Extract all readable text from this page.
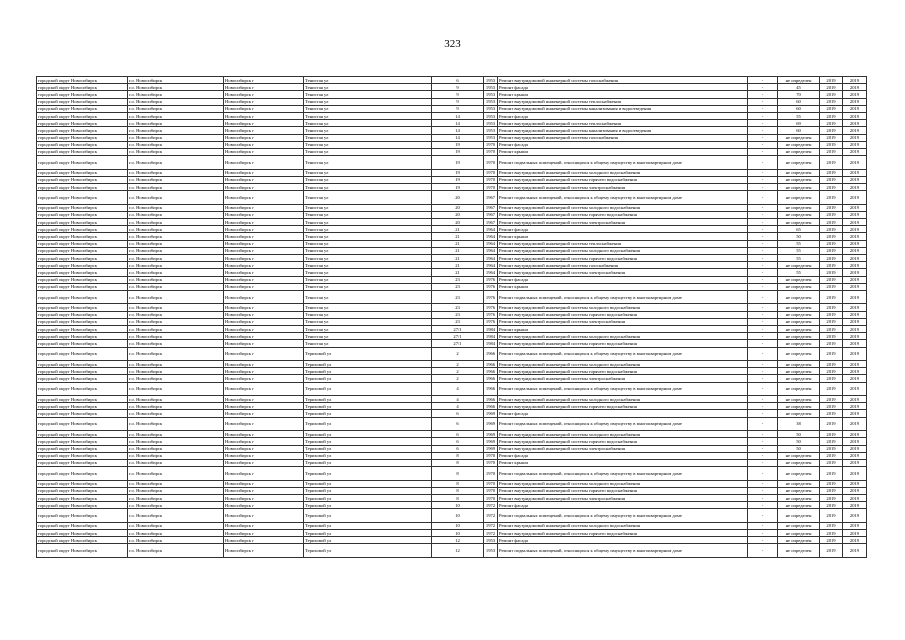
323
городской округ Новосибирск	г.о. Новосибирск	Новосибирск г	Тенистая ул	6	1953	Ремонт внутридомовой инженерной системы газоснабжения	-	не определен	2019	2019
городской округ Новосибирск	г.о. Новосибирск	Новосибирск г	Тенистая ул	9	1953	Ремонт фасада	-	45	2019	2019
городской округ Новосибирск	г.о. Новосибирск	Новосибирск г	Тенистая ул	9	1953	Ремонт крыши	-	70	2019	2019
городской округ Новосибирск	г.о. Новосибирск	Новосибирск г	Тенистая ул	9	1953	Ремонт внутридомовой инженерной системы теплоснабжения	-	60	2019	2019
городской округ Новосибирск	г.о. Новосибирск	Новосибирск г	Тенистая ул	9	1953	Ремонт внутридомовой инженерной системы канализования и водоотведения	-	60	2019	2019
городской округ Новосибирск	г.о. Новосибирск	Новосибирск г	Тенистая ул	14	1953	Ремонт фасада	-	55	2019	2019
городской округ Новосибирск	г.о. Новосибирск	Новосибирск г	Тенистая ул	14	1953	Ремонт внутридомовой инженерной системы теплоснабжения	-	69	2019	2019
городской округ Новосибирск	г.о. Новосибирск	Новосибирск г	Тенистая ул	14	1953	Ремонт внутридомовой инженерной системы канализования и водоотведения	-	60	2019	2019
городской округ Новосибирск	г.о. Новосибирск	Новосибирск г	Тенистая ул	14	1953	Ремонт внутридомовой инженерной системы газоснабжения	-	не определен	2019	2019
городской округ Новосибирск	г.о. Новосибирск	Новосибирск г	Тенистая ул	19	1970	Ремонт фасада	-	не определен	2019	2019
городской округ Новосибирск	г.о. Новосибирск	Новосибирск г	Тенистая ул	19	1970	Ремонт крыши	-	не определен	2019	2019
городской округ Новосибирск	г.о. Новосибирск	Новосибирск г	Тенистая ул	19	1970	Ремонт подвальных помещений, относящихся к общему имуществу в многоквартирном доме	-	не определен	2019	2019
городской округ Новосибирск	г.о. Новосибирск	Новосибирск г	Тенистая ул	19	1970	Ремонт внутридомовой инженерной системы холодного водоснабжения	-	не определен	2019	2019
городской округ Новосибирск	г.о. Новосибирск	Новосибирск г	Тенистая ул	19	1970	Ремонт внутридомовой инженерной системы горячего водоснабжения	-	не определен	2019	2019
городской округ Новосибирск	г.о. Новосибирск	Новосибирск г	Тенистая ул	19	1970	Ремонт внутридомовой инженерной системы электроснабжения	-	не определен	2019	2019
городской округ Новосибирск	г.о. Новосибирск	Новосибирск г	Тенистая ул	20	1967	Ремонт подвальных помещений, относящихся к общему имуществу в многоквартирном доме	-	не определен	2019	2019
городской округ Новосибирск	г.о. Новосибирск	Новосибирск г	Тенистая ул	20	1967	Ремонт внутридомовой инженерной системы холодного водоснабжения	-	не определен	2019	2019
городской округ Новосибирск	г.о. Новосибирск	Новосибирск г	Тенистая ул	20	1967	Ремонт внутридомовой инженерной системы горячего водоснабжения	-	не определен	2019	2019
городской округ Новосибирск	г.о. Новосибирск	Новосибирск г	Тенистая ул	20	1967	Ремонт внутридомовой инженерной системы электроснабжения	-	не определен	2019	2019
городской округ Новосибирск	г.о. Новосибирск	Новосибирск г	Тенистая ул	21	1964	Ремонт фасада	-	65	2019	2019
городской округ Новосибирск	г.о. Новосибирск	Новосибирск г	Тенистая ул	21	1964	Ремонт крыши	-	50	2019	2019
городской округ Новосибирск	г.о. Новосибирск	Новосибирск г	Тенистая ул	21	1964	Ремонт внутридомовой инженерной системы теплоснабжения	-	55	2019	2019
городской округ Новосибирск	г.о. Новосибирск	Новосибирск г	Тенистая ул	21	1964	Ремонт внутридомовой инженерной системы холодного водоснабжения	-	55	2019	2019
городской округ Новосибирск	г.о. Новосибирск	Новосибирск г	Тенистая ул	21	1964	Ремонт внутридомовой инженерной системы горячего водоснабжения	-	55	2019	2019
городской округ Новосибирск	г.о. Новосибирск	Новосибирск г	Тенистая ул	21	1964	Ремонт внутридомовой инженерной системы газоснабжения	-	не определен	2019	2019
городской округ Новосибирск	г.о. Новосибирск	Новосибирск г	Тенистая ул	21	1964	Ремонт внутридомовой инженерной системы электроснабжения	-	55	2019	2019
городской округ Новосибирск	г.о. Новосибирск	Новосибирск г	Тенистая ул	23	1976	Ремонт фасада	-	не определен	2019	2019
городской округ Новосибирск	г.о. Новосибирск	Новосибирск г	Тенистая ул	23	1976	Ремонт крыши	-	не определен	2019	2019
городской округ Новосибирск	г.о. Новосибирск	Новосибирск г	Тенистая ул	23	1976	Ремонт подвальных помещений, относящихся к общему имуществу в многоквартирном доме	-	не определен	2019	2019
городской округ Новосибирск	г.о. Новосибирск	Новосибирск г	Тенистая ул	23	1976	Ремонт внутридомовой инженерной системы холодного водоснабжения	-	не определен	2019	2019
городской округ Новосибирск	г.о. Новосибирск	Новосибирск г	Тенистая ул	23	1976	Ремонт внутридомовой инженерной системы горячего водоснабжения	-	не определен	2019	2019
городской округ Новосибирск	г.о. Новосибирск	Новосибирск г	Тенистая ул	23	1976	Ремонт внутридомовой инженерной системы электроснабжения	-	не определен	2019	2019
городской округ Новосибирск	г.о. Новосибирск	Новосибирск г	Тенистая ул	27/1	1984	Ремонт крыши	-	не определен	2019	2019
городской округ Новосибирск	г.о. Новосибирск	Новосибирск г	Тенистая ул	27/1	1984	Ремонт внутридомовой инженерной системы холодного водоснабжения	-	не определен	2019	2019
городской округ Новосибирск	г.о. Новосибирск	Новосибирск г	Тенистая ул	27/1	1984	Ремонт внутридомовой инженерной системы горячего водоснабжения	-	не определен	2019	2019
городской округ Новосибирск	г.о. Новосибирск	Новосибирск г	Териховой ул	2	1966	Ремонт подвальных помещений, относящихся к общему имуществу в многоквартирном доме	-	не определен	2019	2019
городской округ Новосибирск	г.о. Новосибирск	Новосибирск г	Териховой ул	2	1966	Ремонт внутридомовой инженерной системы холодного водоснабжения	-	не определен	2019	2019
городской округ Новосибирск	г.о. Новосибирск	Новосибирск г	Териховой ул	2	1966	Ремонт внутридомовой инженерной системы горячего водоснабжения	-	не определен	2019	2019
городской округ Новосибирск	г.о. Новосибирск	Новосибирск г	Териховой ул	2	1966	Ремонт внутридомовой инженерной системы электроснабжения	-	не определен	2019	2019
городской округ Новосибирск	г.о. Новосибирск	Новосибирск г	Териховой ул	4	1966	Ремонт подвальных помещений, относящихся к общему имуществу в многоквартирном доме	-	не определен	2019	2019
городской округ Новосибирск	г.о. Новосибирск	Новосибирск г	Териховой ул	4	1966	Ремонт внутридомовой инженерной системы холодного водоснабжения	-	не определен	2019	2019
городской округ Новосибирск	г.о. Новосибирск	Новосибирск г	Териховой ул	4	1966	Ремонт внутридомовой инженерной системы горячего водоснабжения	-	не определен	2019	2019
городской округ Новосибирск	г.о. Новосибирск	Новосибирск г	Териховой ул	6	1969	Ремонт фасада	-	не определен	2019	2019
городской округ Новосибирск	г.о. Новосибирск	Новосибирск г	Териховой ул	6	1969	Ремонт подвальных помещений, относящихся к общему имуществу в многоквартирном доме	-	38	2019	2019
городской округ Новосибирск	г.о. Новосибирск	Новосибирск г	Териховой ул	6	1969	Ремонт внутридомовой инженерной системы холодного водоснабжения	-	50	2019	2019
городской округ Новосибирск	г.о. Новосибирск	Новосибирск г	Териховой ул	6	1969	Ремонт внутридомовой инженерной системы горячего водоснабжения	-	50	2019	2019
городской округ Новосибирск	г.о. Новосибирск	Новосибирск г	Териховой ул	6	1969	Ремонт внутридомовой инженерной системы электроснабжения	-	50	2019	2019
городской округ Новосибирск	г.о. Новосибирск	Новосибирск г	Териховой ул	8	1970	Ремонт фасада	-	не определен	2019	2019
городской округ Новосибирск	г.о. Новосибирск	Новосибирск г	Териховой ул	8	1970	Ремонт крыши	-	не определен	2019	2019
городской округ Новосибирск	г.о. Новосибирск	Новосибирск г	Териховой ул	8	1970	Ремонт подвальных помещений, относящихся к общему имуществу в многоквартирном доме	-	не определен	2019	2019
городской округ Новосибирск	г.о. Новосибирск	Новосибирск г	Териховой ул	8	1970	Ремонт внутридомовой инженерной системы холодного водоснабжения	-	не определен	2019	2019
городской округ Новосибирск	г.о. Новосибирск	Новосибирск г	Териховой ул	8	1970	Ремонт внутридомовой инженерной системы горячего водоснабжения	-	не определен	2019	2019
городской округ Новосибирск	г.о. Новосибирск	Новосибирск г	Териховой ул	8	1970	Ремонт внутридомовой инженерной системы электроснабжения	-	не определен	2019	2019
городской округ Новосибирск	г.о. Новосибирск	Новосибирск г	Териховой ул	10	1972	Ремонт фасада	-	не определен	2019	2019
городской округ Новосибирск	г.о. Новосибирск	Новосибирск г	Териховой ул	10	1972	Ремонт подвальных помещений, относящихся к общему имуществу в многоквартирном доме	-	не определен	2019	2019
городской округ Новосибирск	г.о. Новосибирск	Новосибирск г	Териховой ул	10	1972	Ремонт внутридомовой инженерной системы холодного водоснабжения	-	не определен	2019	2019
городской округ Новосибирск	г.о. Новосибирск	Новосибирск г	Териховой ул	10	1972	Ремонт внутридомовой инженерной системы горячего водоснабжения	-	не определен	2019	2019
городской округ Новосибирск	г.о. Новосибирск	Новосибирск г	Териховой ул	12	1953	Ремонт фасада	-	не определен	2019	2019
городской округ Новосибирск	г.о. Новосибирск	Новосибирск г	Териховой ул	12	1953	Ремонт подвальных помещений, относящихся к общему имуществу в многоквартирном доме	-	не определен	2019	2019
